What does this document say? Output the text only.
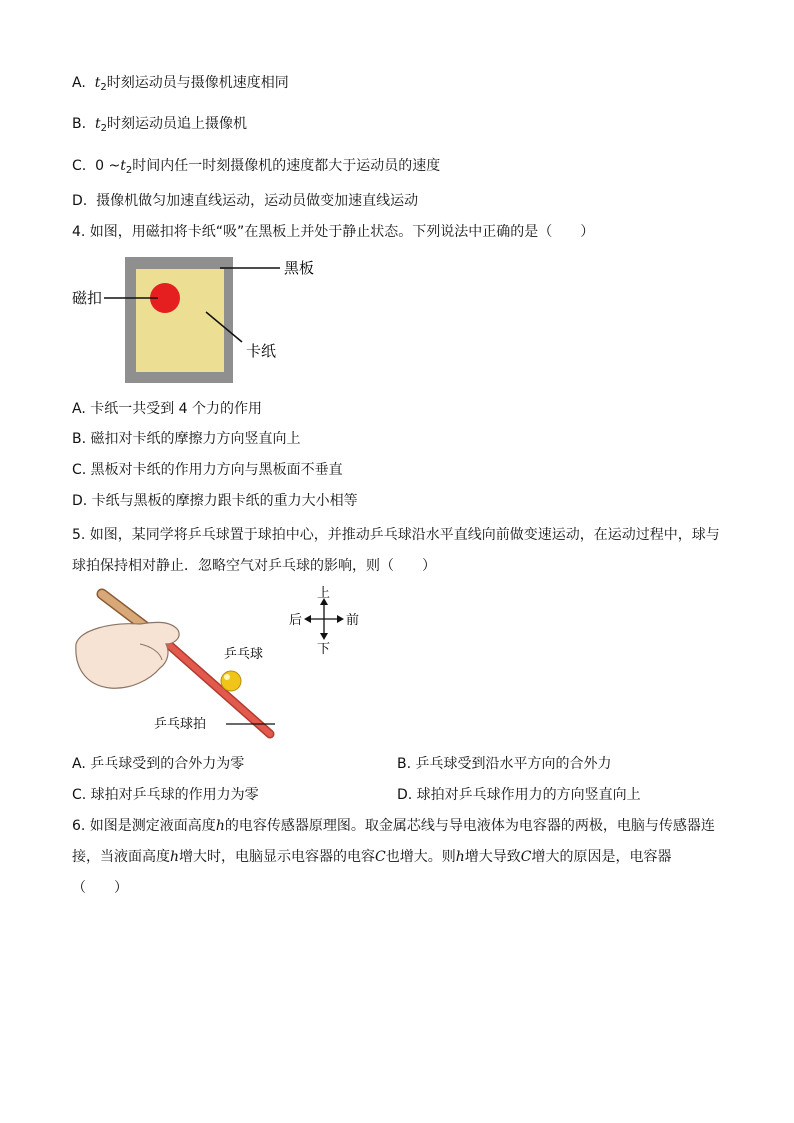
A. $t_2$时刻运动员与摄像机速度相同
B. $t_2$时刻运动员追上摄像机
C. 0 $\sim t_2$时间内任一时刻摄像机的速度都大于运动员的速度
D. 摄像机做匀加速直线运动，运动员做变加速直线运动
4. 如图，用磁扣将卡纸“吸”在黑板上并处于静止状态。下列说法中正确的是（　　）
黑板
磁扣
卡纸
A. 卡纸一共受到 4 个力的作用
B. 磁扣对卡纸的摩擦力方向竖直向上
C. 黑板对卡纸的作用力方向与黑板面不垂直
D. 卡纸与黑板的摩擦力跟卡纸的重力大小相等
5. 如图，某同学将乒乓球置于球拍中心，并推动乒乓球沿水平直线向前做变速运动，在运动过程中，球与
球拍保持相对静止．忽略空气对乒乓球的影响，则（　　）
上
下
后	前
乒乓球
乒乓球拍
A. 乒乓球受到的合外力为零	B. 乒乓球受到沿水平方向的合外力
C. 球拍对乒乓球的作用力为零	D. 球拍对乒乓球作用力的方向竖直向上
6. 如图是测定液面高度h的电容传感器原理图。取金属芯线与导电液体为电容器的两极，电脑与传感器连
接，当液面高度h增大时，电脑显示电容器的电容C也增大。则h增大导致C增大的原因是，电容器
（　　）
